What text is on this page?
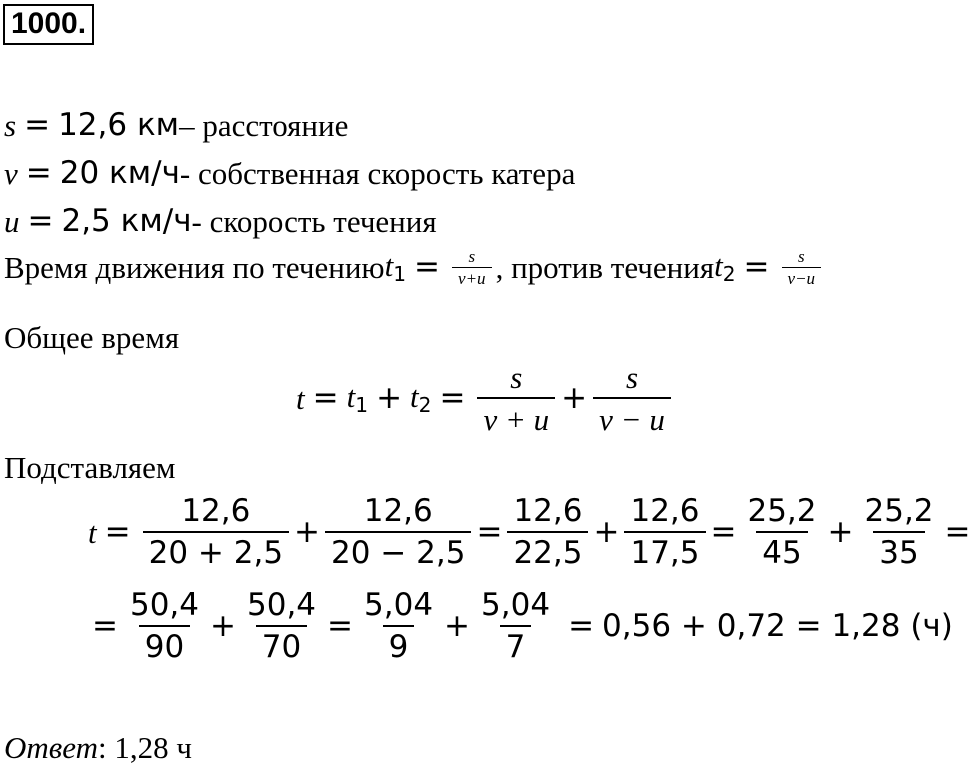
1000.
s = 12,6 км – расстояние
v = 20 км/ч - собственная скорость катера
u = 2,5 км/ч - скорость течения
Время движения по течению $t_1 = \frac{s}{v+u}$ , против течения $t_2 = \frac{s}{v-u}$
Общее время
$t = t_1 + t_2 = \frac{s}{v + u} + \frac{s}{v - u}$
Подставляем
$t = \frac{12,6}{20 + 2,5} + \frac{12,6}{20 - 2,5} = \frac{12,6}{22,5} + \frac{12,6}{17,5} = \frac{25,2}{45} + \frac{25,2}{35}$ =
= $\frac{50,4}{90} + \frac{50,4}{70} = \frac{5,04}{9} + \frac{5,04}{7} = 0,56 + 0,72 = 1,28$ (ч)
Ответ: 1,28 ч
